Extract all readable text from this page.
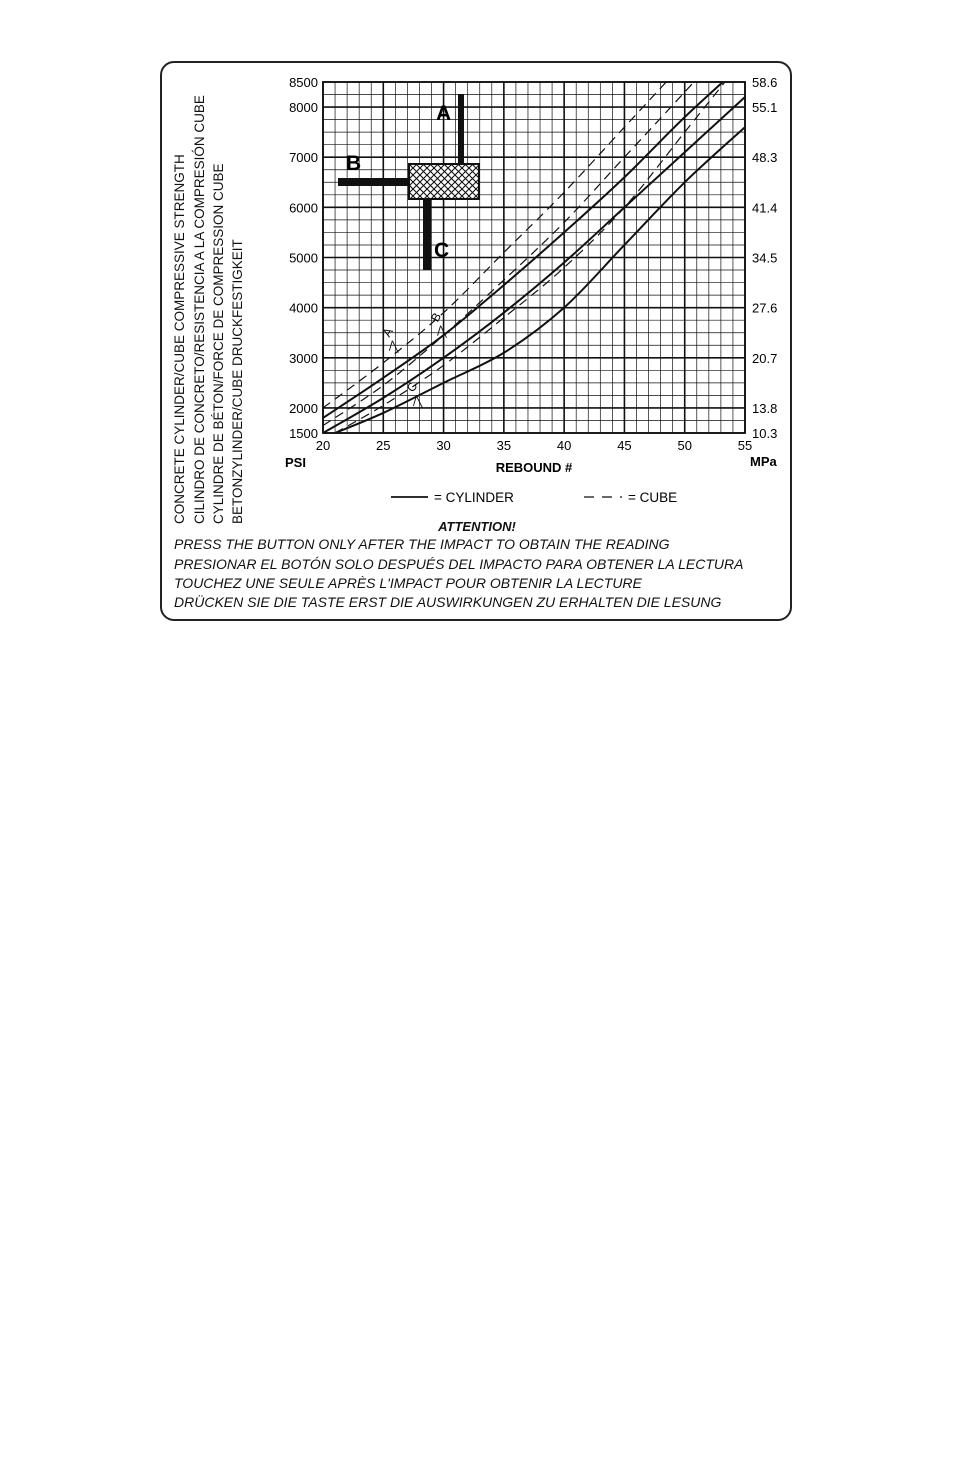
20	25	30	35	40	45	50	55
1500
2000
3000
4000
5000
6000
7000
8000
8500
10.3
13.8
20.7
27.6
34.5
41.4
48.3
55.1
58.6
A
B
C
A
B
C
PSI	MPa
REBOUND #
= CYLINDER	= CUBE
CONCRETE CYLINDER/CUBE COMPRESSIVE STRENGTH CILINDRO DE CONCRETO/RESISTENCIA A LA COMPRESIÓN CUBE CYLINDRE DE BÉTON/FORCE DE COMPRESSION CUBE BETONZYLINDER/CUBE DRUCKFESTIGKEIT
ATTENTION!
PRESS THE BUTTON ONLY AFTER THE IMPACT TO OBTAIN THE READING
PRESIONAR EL BOTÓN SOLO DESPUÉS DEL IMPACTO PARA OBTENER LA LECTURA
TOUCHEZ UNE SEULE APRÈS L'IMPACT POUR OBTENIR LA LECTURE
DRÜCKEN SIE DIE TASTE ERST DIE AUSWIRKUNGEN ZU ERHALTEN DIE LESUNG
